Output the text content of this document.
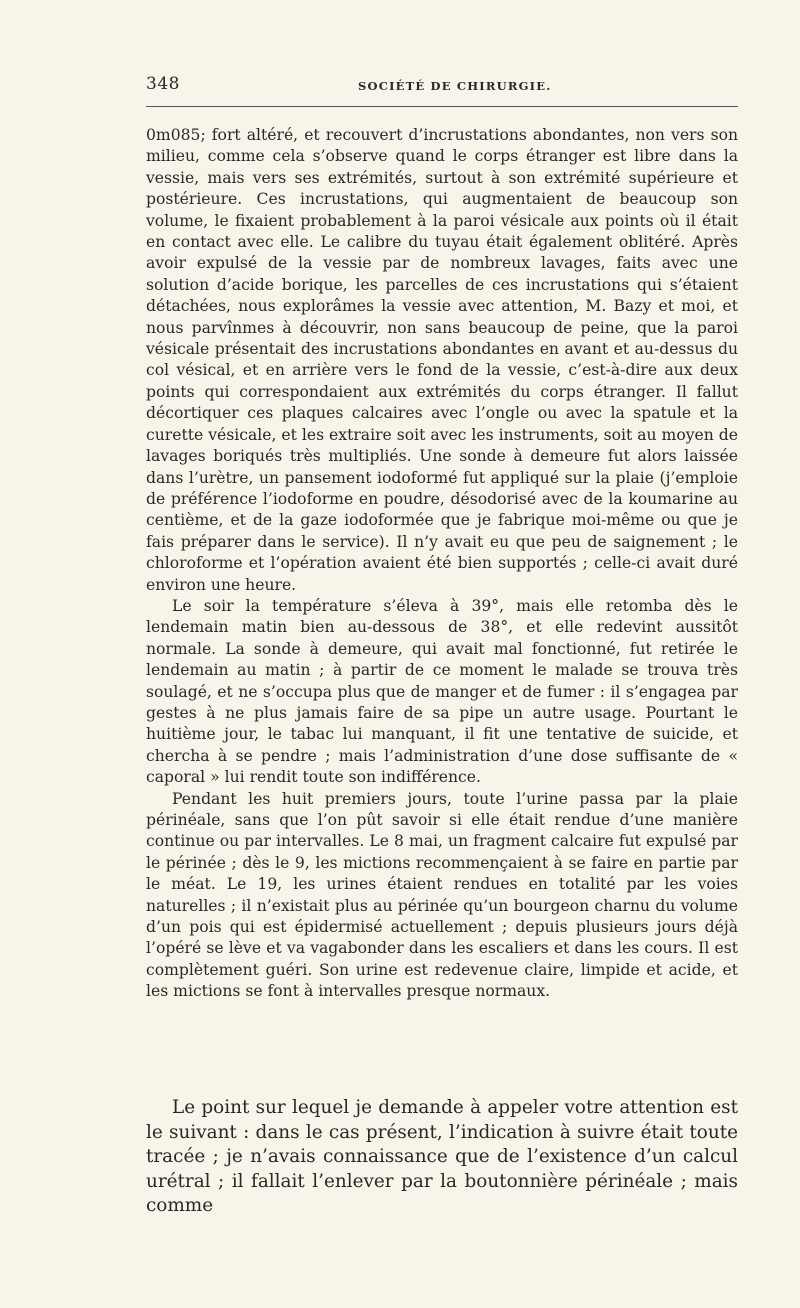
348	SOCIÉTÉ DE CHIRURGIE.

0m085; fort altéré, et recouvert d’incrustations abondantes, non vers son milieu, comme cela s’observe quand le corps étranger est libre dans la vessie, mais vers ses extrémités, surtout à son extrémité supérieure et postérieure. Ces incrustations, qui augmentaient de beaucoup son volume, le fixaient probablement à la paroi vésicale aux points où il était en contact avec elle. Le calibre du tuyau était également oblitéré. Après avoir expulsé de la vessie par de nombreux lavages, faits avec une solution d’acide borique, les parcelles de ces incrustations qui s’étaient détachées, nous explorâmes la vessie avec attention, M. Bazy et moi, et nous parvînmes à découvrir, non sans beaucoup de peine, que la paroi vésicale présentait des incrustations abondantes en avant et au-dessus du col vésical, et en arrière vers le fond de la vessie, c’est-à-dire aux deux points qui correspondaient aux extrémités du corps étranger. Il fallut décortiquer ces plaques calcaires avec l’ongle ou avec la spatule et la curette vésicale, et les extraire soit avec les instruments, soit au moyen de lavages boriqués très multipliés. Une sonde à demeure fut alors laissée dans l’urètre, un pansement iodoformé fut appliqué sur la plaie (j’emploie de préférence l’iodoforme en poudre, désodorisé avec de la koumarine au centième, et de la gaze iodoformée que je fabrique moi-même ou que je fais préparer dans le service). Il n’y avait eu que peu de saignement ; le chloroforme et l’opération avaient été bien supportés ; celle-ci avait duré environ une heure.

Le soir la température s’éleva à 39°, mais elle retomba dès le lendemain matin bien au-dessous de 38°, et elle redevint aussitôt normale. La sonde à demeure, qui avait mal fonctionné, fut retirée le lendemain au matin ; à partir de ce moment le malade se trouva très soulagé, et ne s’occupa plus que de manger et de fumer : il s’engagea par gestes à ne plus jamais faire de sa pipe un autre usage. Pourtant le huitième jour, le tabac lui manquant, il fit une tentative de suicide, et chercha à se pendre ; mais l’administration d’une dose suffisante de « caporal » lui rendit toute son indifférence.

Pendant les huit premiers jours, toute l’urine passa par la plaie périnéale, sans que l’on pût savoir si elle était rendue d’une manière continue ou par intervalles. Le 8 mai, un fragment calcaire fut expulsé par le périnée ; dès le 9, les mictions recommençaient à se faire en partie par le méat. Le 19, les urines étaient rendues en totalité par les voies naturelles ; il n’existait plus au périnée qu’un bourgeon charnu du volume d’un pois qui est épidermisé actuellement ; depuis plusieurs jours déjà l’opéré se lève et va vagabonder dans les escaliers et dans les cours. Il est complètement guéri. Son urine est redevenue claire, limpide et acide, et les mictions se font à intervalles presque normaux.

Le point sur lequel je demande à appeler votre attention est le suivant : dans le cas présent, l’indication à suivre était toute tracée ; je n’avais connaissance que de l’existence d’un calcul urétral ; il fallait l’enlever par la boutonnière périnéale ; mais comme
